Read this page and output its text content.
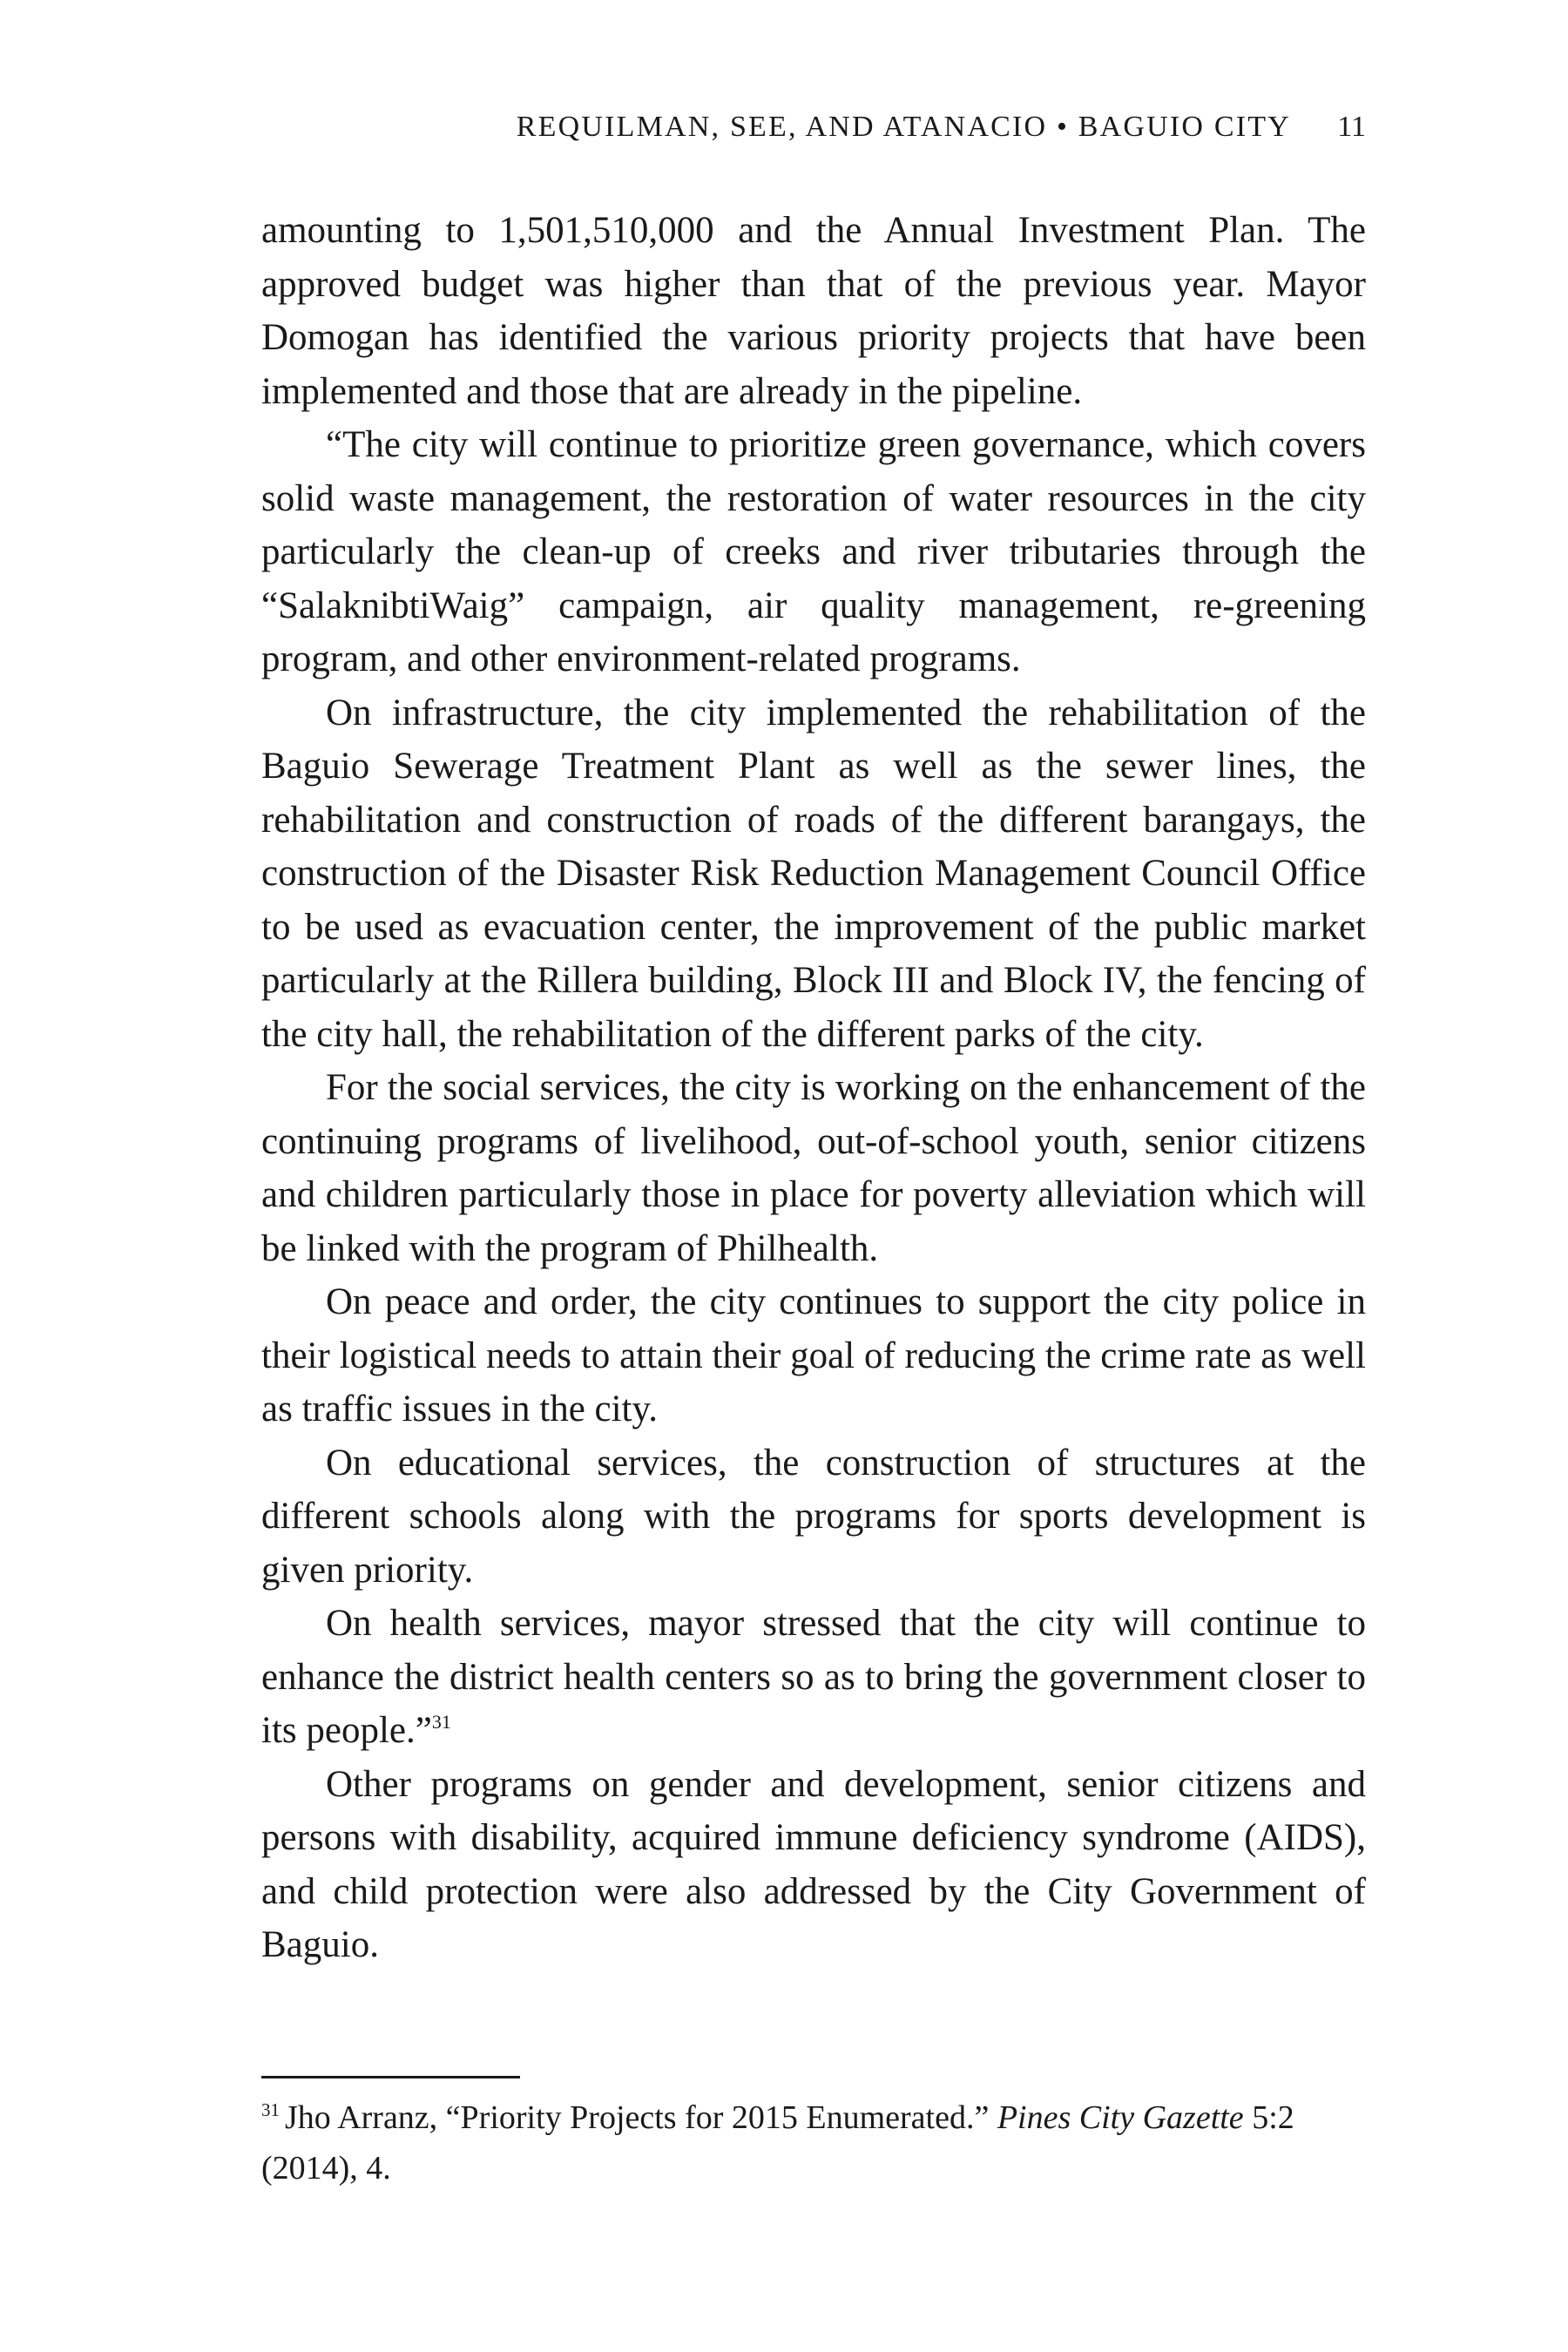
REQUILMAN, SEE, AND ATANACIO • BAGUIO CITY 11

amounting to 1,501,510,000 and the Annual Investment Plan. The approved budget was higher than that of the previous year. Mayor Domogan has identified the various priority projects that have been implemented and those that are already in the pipeline.

“The city will continue to prioritize green governance, which covers solid waste management, the restoration of water resources in the city particularly the clean-up of creeks and river tributaries through the “SalaknibtiWaig” campaign, air quality management, re-greening program, and other environment-related programs.

On infrastructure, the city implemented the rehabilitation of the Baguio Sewerage Treatment Plant as well as the sewer lines, the rehabilitation and construction of roads of the different barangays, the construction of the Disaster Risk Reduction Management Council Office to be used as evacuation center, the improvement of the public market particularly at the Rillera building, Block III and Block IV, the fencing of the city hall, the rehabilitation of the different parks of the city.

For the social services, the city is working on the enhancement of the continuing programs of livelihood, out-of-school youth, senior citizens and children particularly those in place for poverty alleviation which will be linked with the program of Philhealth.

On peace and order, the city continues to support the city police in their logistical needs to attain their goal of reducing the crime rate as well as traffic issues in the city.

On educational services, the construction of structures at the different schools along with the programs for sports development is given priority.

On health services, mayor stressed that the city will continue to enhance the district health centers so as to bring the government closer to its people.”$^{31}$

Other programs on gender and development, senior citizens and persons with disability, acquired immune deficiency syndrome (AIDS), and child protection were also addressed by the City Government of Baguio.

$^{31}$ Jho Arranz, “Priority Projects for 2015 Enumerated.” Pines City Gazette 5:2 (2014), 4.
